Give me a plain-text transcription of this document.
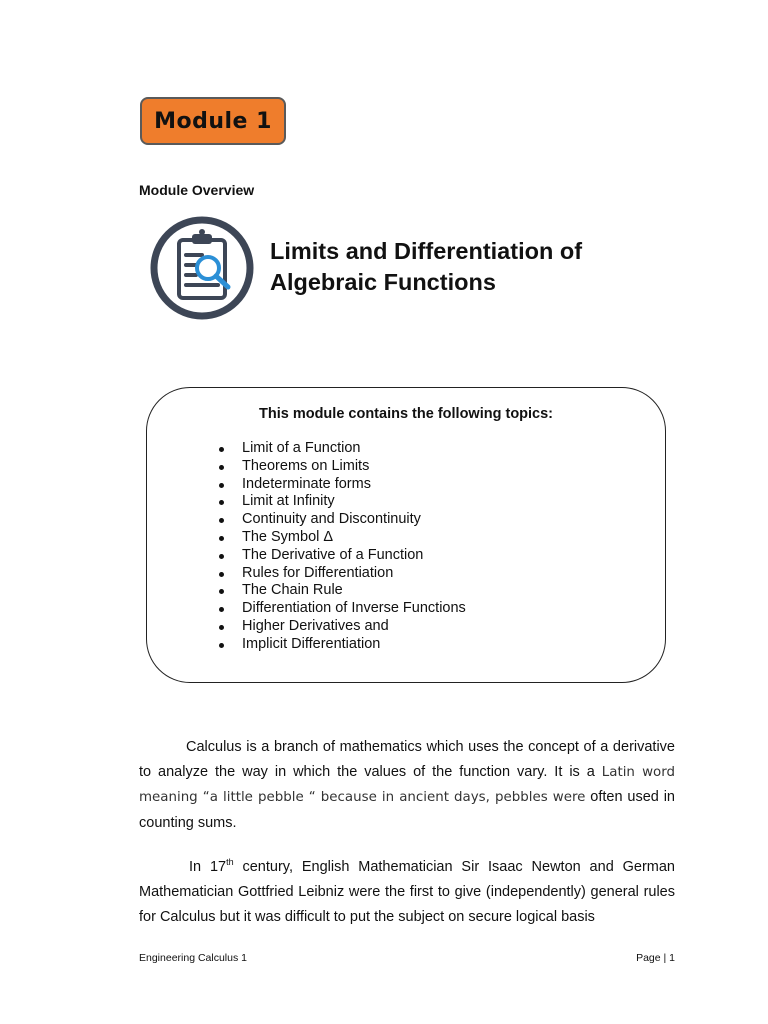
Module 1
Module Overview
Limits and Differentiation of
Algebraic Functions
This module contains the following topics:
Limit of a Function
Theorems on Limits
Indeterminate forms
Limit at Infinity
Continuity and Discontinuity
The Symbol Δ
The Derivative of a Function
Rules for Differentiation
The Chain Rule
Differentiation of Inverse Functions
Higher Derivatives and
Implicit Differentiation

Calculus is a branch of mathematics which uses the concept of a derivative to analyze the way in which the values of the function vary. It is a Latin word meaning “a little pebble “ because in ancient days, pebbles were often used in counting sums.

In 17th century, English Mathematician Sir Isaac Newton and German Mathematician Gottfried Leibniz were the first to give (independently) general rules for Calculus but it was difficult to put the subject on secure logical basis

Engineering Calculus 1	Page | 1
